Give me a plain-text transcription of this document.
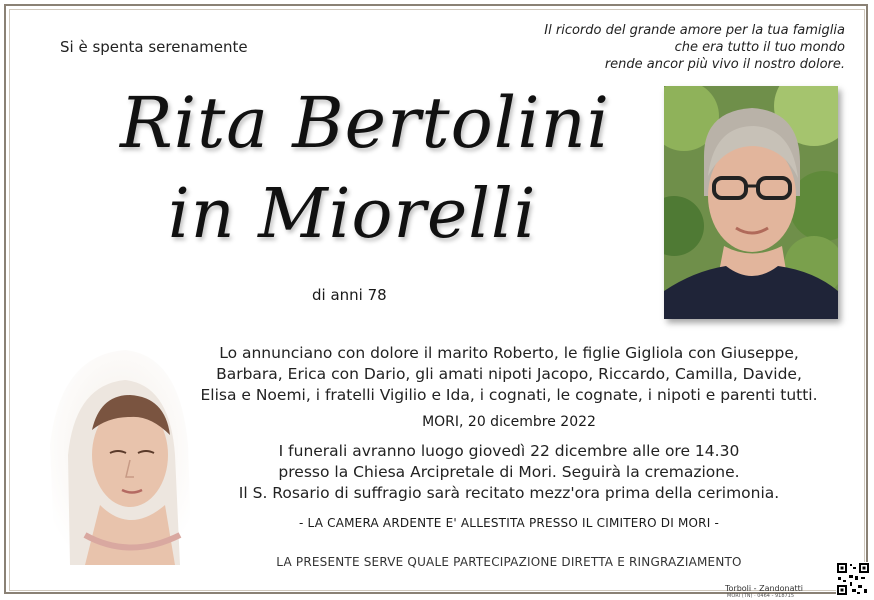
Si è spenta serenamente
Il ricordo del grande amore per la tua famiglia
che era tutto il tuo mondo
rende ancor più vivo il nostro dolore.
Rita Bertolini
in Miorelli
di anni 78
Lo annunciano con dolore il marito Roberto, le figlie Gigliola con Giuseppe,
Barbara, Erica con Dario, gli amati nipoti Jacopo, Riccardo, Camilla, Davide,
Elisa e Noemi, i fratelli Vigilio e Ida, i cognati, le cognate, i nipoti e parenti tutti.
MORI, 20 dicembre 2022
I funerali avranno luogo giovedì 22 dicembre alle ore 14.30
presso la Chiesa Arcipretale di Mori. Seguirà la cremazione.
Il S. Rosario di suffragio sarà recitato mezz'ora prima della cerimonia.
- LA CAMERA ARDENTE E' ALLESTITA PRESSO IL CIMITERO DI MORI -
LA PRESENTE SERVE QUALE PARTECIPAZIONE DIRETTA E RINGRAZIAMENTO
Torboli - Zandonatti
MORI (TN) · 0464 - 918715
